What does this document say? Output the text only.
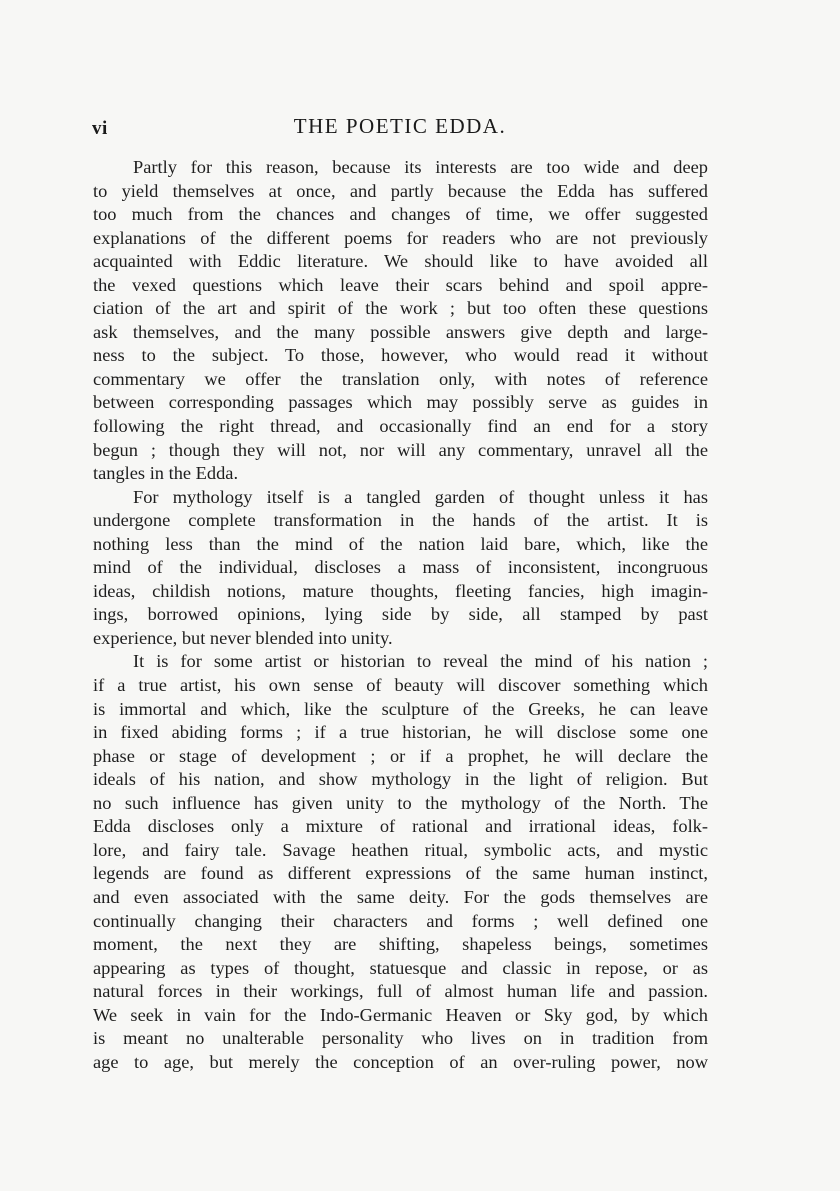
vi	THE POETIC EDDA.

Partly for this reason, because its interests are too wide and deep
to yield themselves at once, and partly because the Edda has suffered
too much from the chances and changes of time, we offer suggested
explanations of the different poems for readers who are not previously
acquainted with Eddic literature. We should like to have avoided all
the vexed questions which leave their scars behind and spoil appre-
ciation of the art and spirit of the work ; but too often these questions
ask themselves, and the many possible answers give depth and large-
ness to the subject. To those, however, who would read it without
commentary we offer the translation only, with notes of reference
between corresponding passages which may possibly serve as guides in
following the right thread, and occasionally find an end for a story
begun ; though they will not, nor will any commentary, unravel all the
tangles in the Edda.

For mythology itself is a tangled garden of thought unless it has
undergone complete transformation in the hands of the artist. It is
nothing less than the mind of the nation laid bare, which, like the
mind of the individual, discloses a mass of inconsistent, incongruous
ideas, childish notions, mature thoughts, fleeting fancies, high imagin-
ings, borrowed opinions, lying side by side, all stamped by past
experience, but never blended into unity.

It is for some artist or historian to reveal the mind of his nation ;
if a true artist, his own sense of beauty will discover something which
is immortal and which, like the sculpture of the Greeks, he can leave
in fixed abiding forms ; if a true historian, he will disclose some one
phase or stage of development ; or if a prophet, he will declare the
ideals of his nation, and show mythology in the light of religion. But
no such influence has given unity to the mythology of the North. The
Edda discloses only a mixture of rational and irrational ideas, folk-
lore, and fairy tale. Savage heathen ritual, symbolic acts, and mystic
legends are found as different expressions of the same human instinct,
and even associated with the same deity. For the gods themselves are
continually changing their characters and forms ; well defined one
moment, the next they are shifting, shapeless beings, sometimes
appearing as types of thought, statuesque and classic in repose, or as
natural forces in their workings, full of almost human life and passion.
We seek in vain for the Indo-Germanic Heaven or Sky god, by which
is meant no unalterable personality who lives on in tradition from
age to age, but merely the conception of an over-ruling power, now
